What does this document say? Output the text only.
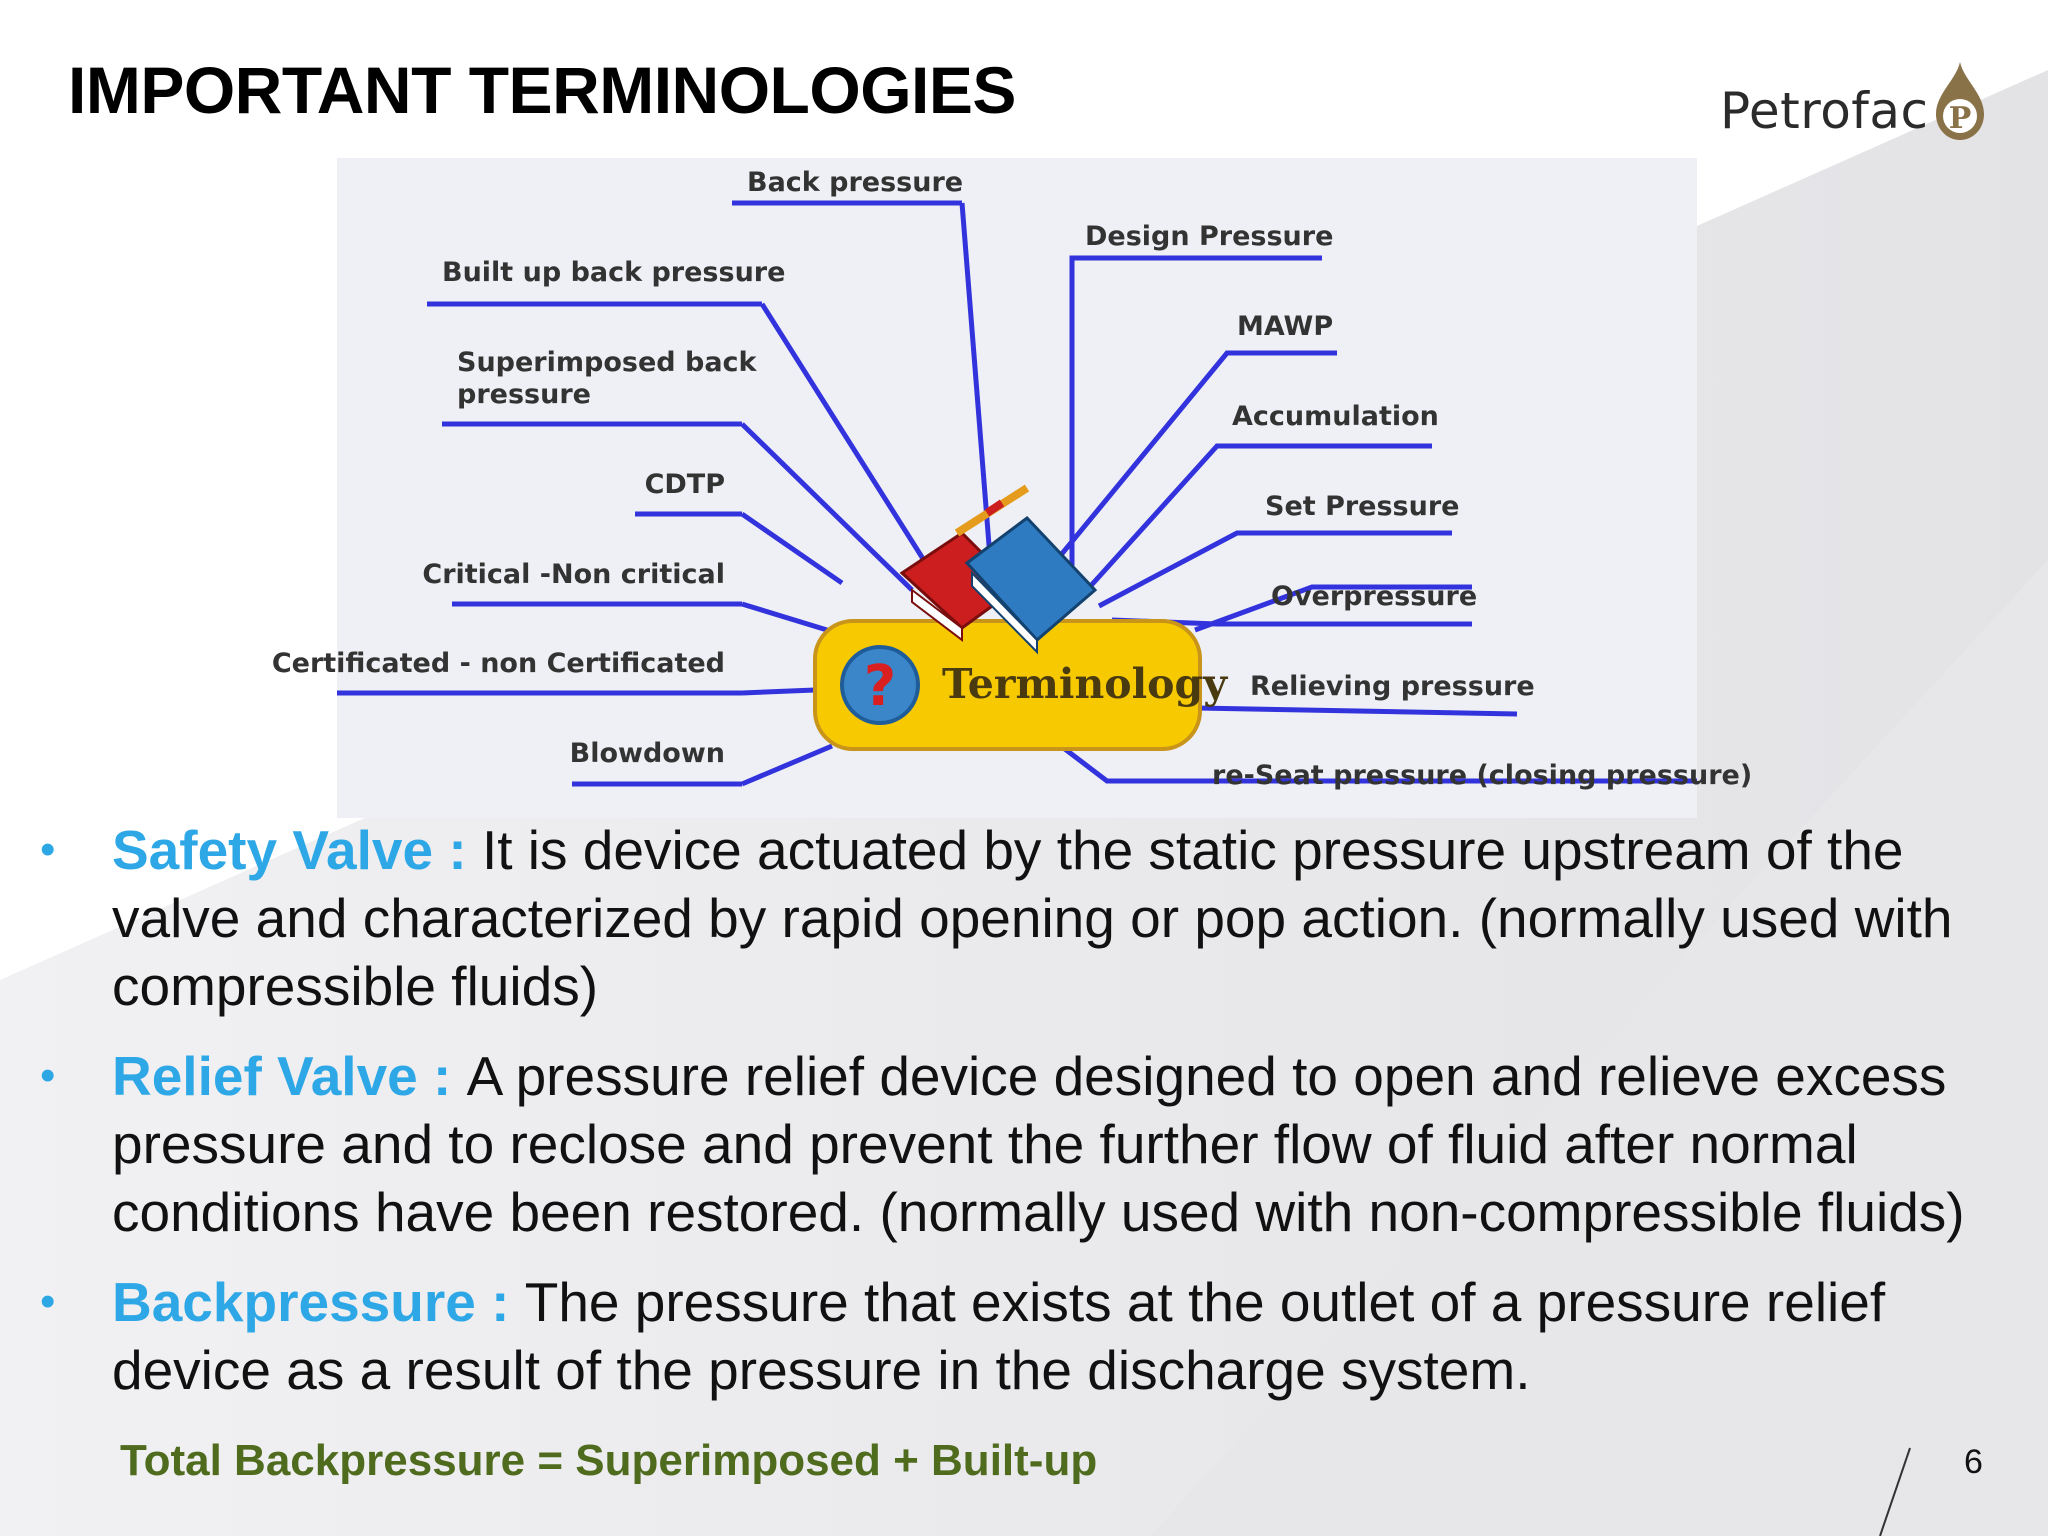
IMPORTANT TERMINOLOGIES	Petrofac P
? Terminology
Back pressure
Built up back pressure
Superimposed back
pressure
CDTP
Critical -Non critical
Certificated - non Certificated
Blowdown
Design Pressure
MAWP
Accumulation
Set Pressure
Overpressure
Relieving pressure
re-Seat pressure (closing pressure)
•	Safety Valve : It is device actuated by the static pressure upstream of the valve and characterized by rapid opening or pop action. (normally used with compressible fluids)
•	Relief Valve : A pressure relief device designed to open and relieve excess pressure and to reclose and prevent the further flow of fluid after normal conditions have been restored. (normally used with non-compressible fluids)
•	Backpressure : The pressure that exists at the outlet of a pressure relief device as a result of the pressure in the discharge system.
Total Backpressure = Superimposed + Built-up	6
